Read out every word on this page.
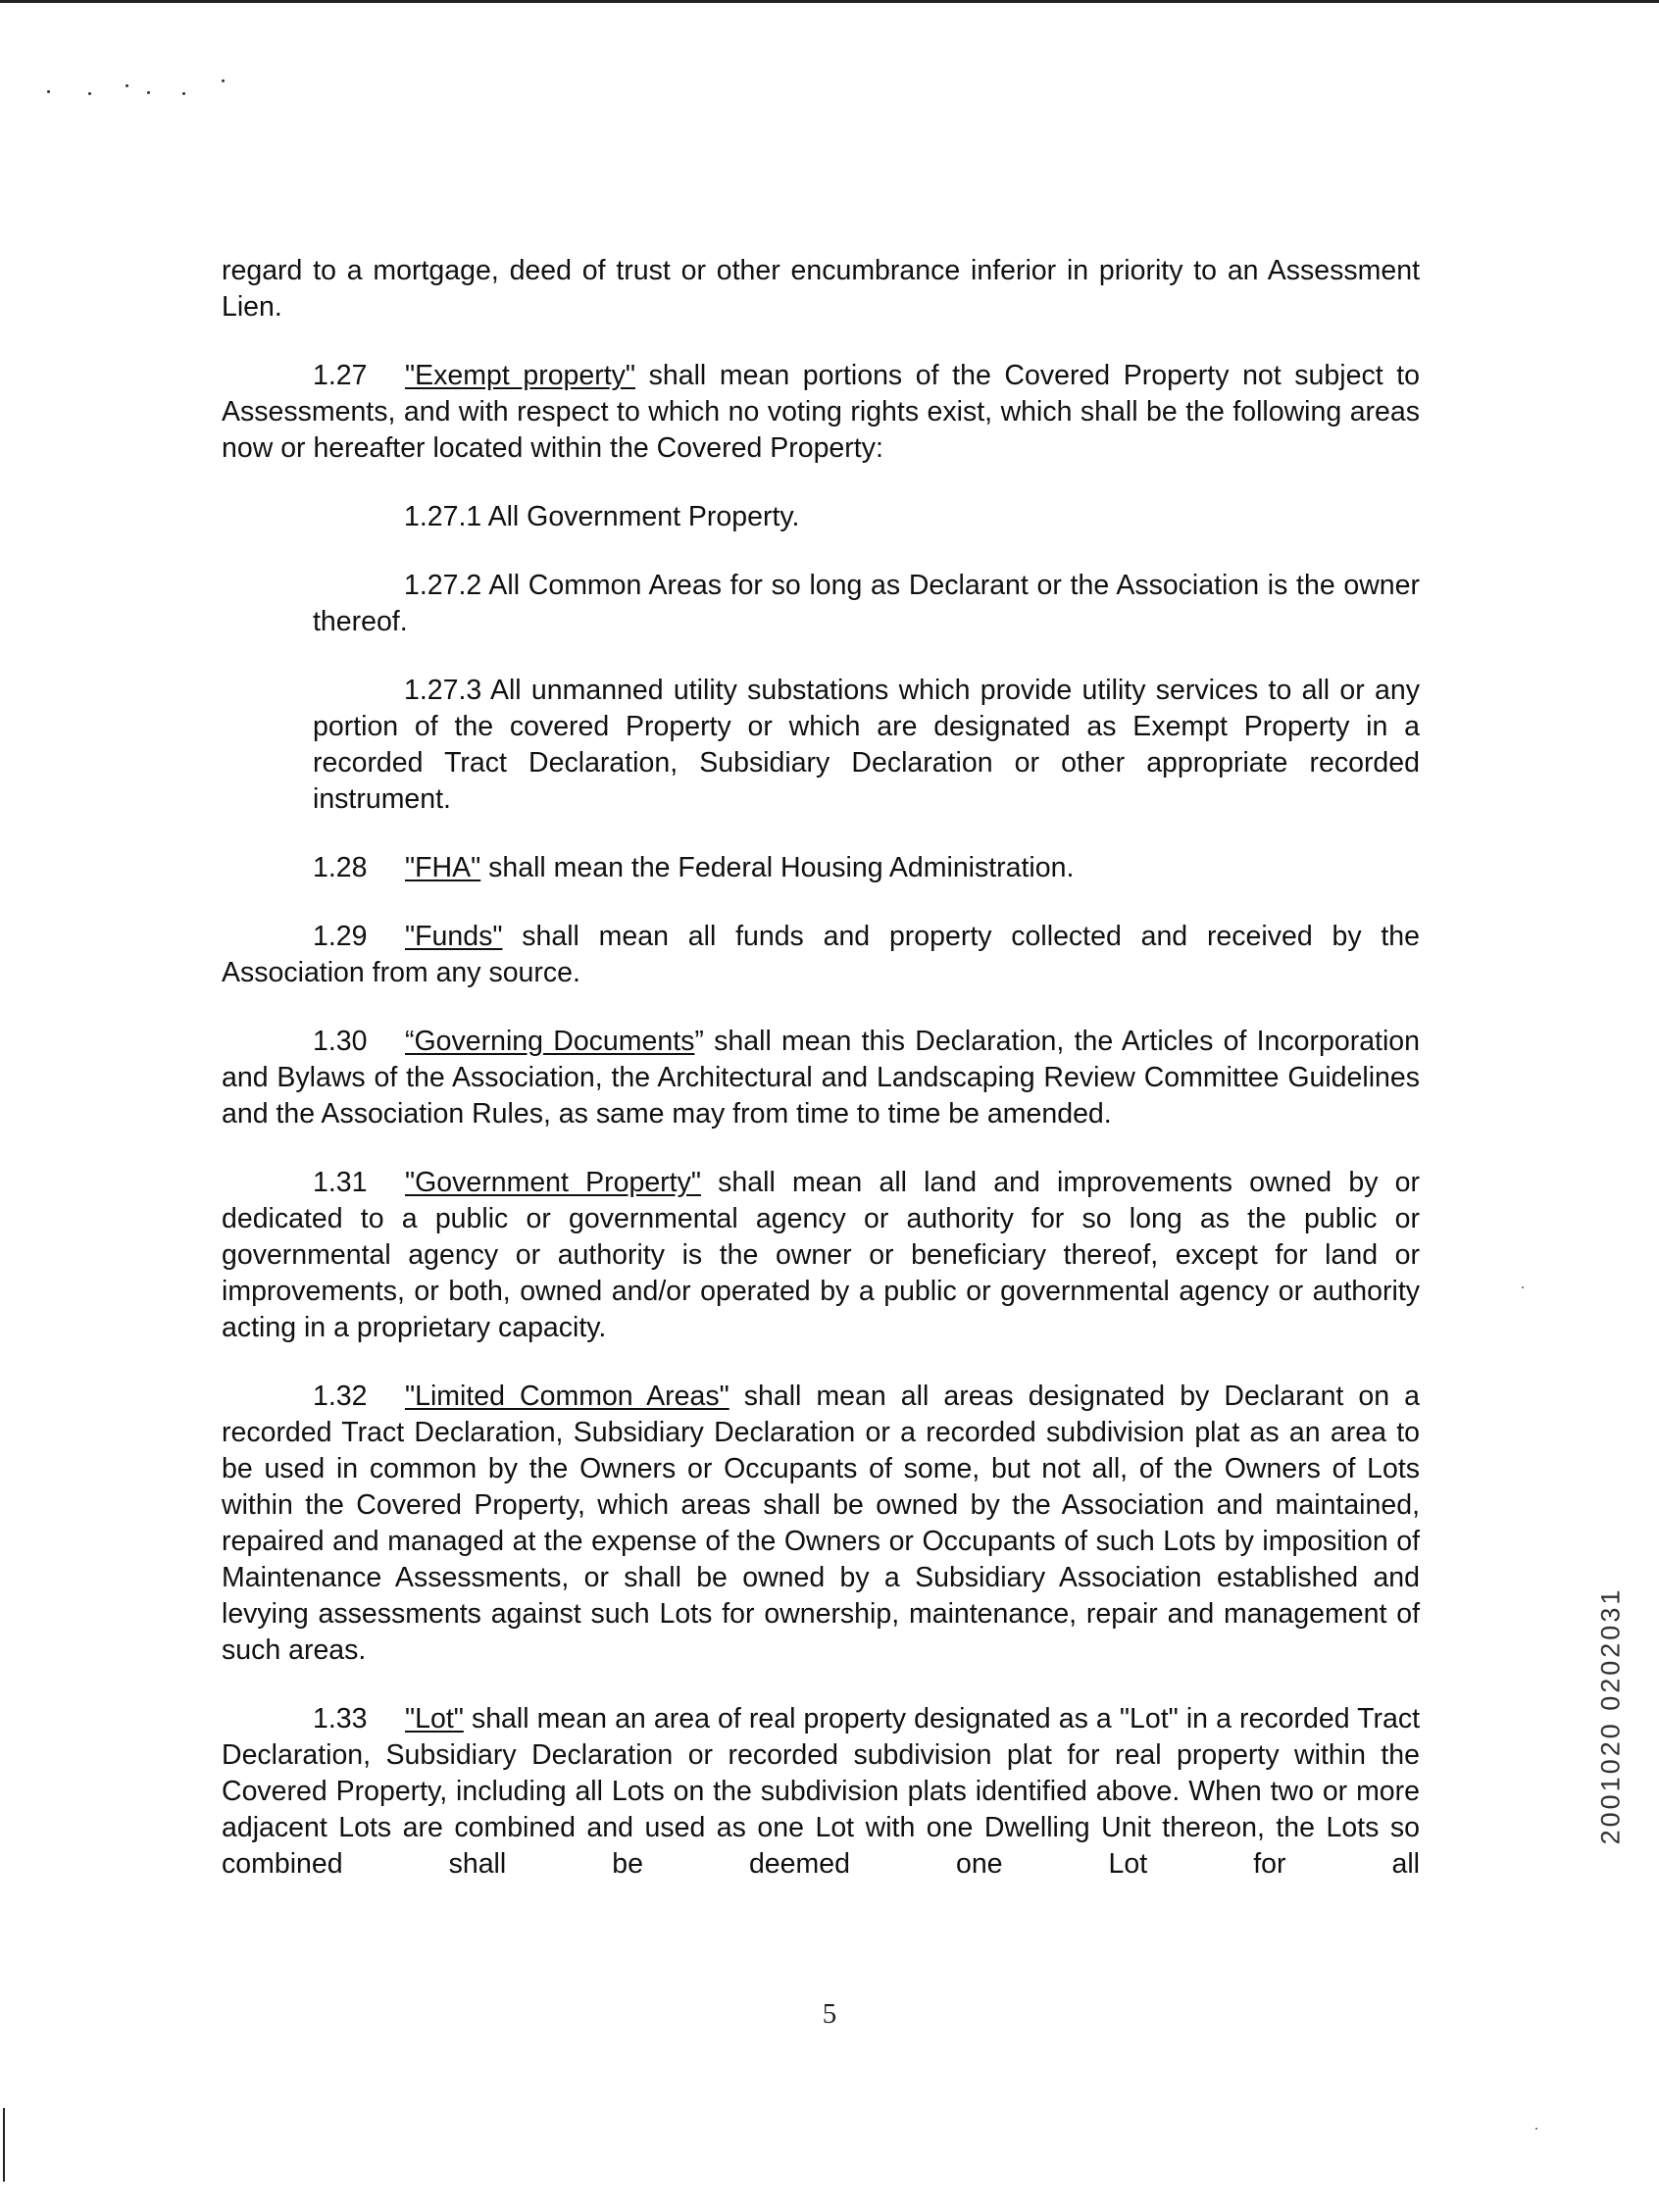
regard to a mortgage, deed of trust or other encumbrance inferior in priority to an Assessment Lien.

1.27 "Exempt property" shall mean portions of the Covered Property not subject to Assessments, and with respect to which no voting rights exist, which shall be the following areas now or hereafter located within the Covered Property:

1.27.1 All Government Property.

1.27.2 All Common Areas for so long as Declarant or the Association is the owner thereof.

1.27.3 All unmanned utility substations which provide utility services to all or any portion of the covered Property or which are designated as Exempt Property in a recorded Tract Declaration, Subsidiary Declaration or other appropriate recorded instrument.

1.28 "FHA" shall mean the Federal Housing Administration.

1.29 "Funds" shall mean all funds and property collected and received by the Association from any source.

1.30 “Governing Documents” shall mean this Declaration, the Articles of Incorporation and Bylaws of the Association, the Architectural and Landscaping Review Committee Guidelines and the Association Rules, as same may from time to time be amended.

1.31 "Government Property" shall mean all land and improvements owned by or dedicated to a public or governmental agency or authority for so long as the public or governmental agency or authority is the owner or beneficiary thereof, except for land or improvements, or both, owned and/or operated by a public or governmental agency or authority acting in a proprietary capacity.

1.32 "Limited Common Areas" shall mean all areas designated by Declarant on a recorded Tract Declaration, Subsidiary Declaration or a recorded subdivision plat as an area to be used in common by the Owners or Occupants of some, but not all, of the Owners of Lots within the Covered Property, which areas shall be owned by the Association and maintained, repaired and managed at the expense of the Owners or Occupants of such Lots by imposition of Maintenance Assessments, or shall be owned by a Subsidiary Association established and levying assessments against such Lots for ownership, maintenance, repair and management of such areas.

1.33 "Lot" shall mean an area of real property designated as a "Lot" in a recorded Tract Declaration, Subsidiary Declaration or recorded subdivision plat for real property within the Covered Property, including all Lots on the subdivision plats identified above. When two or more adjacent Lots are combined and used as one Lot with one Dwelling Unit thereon, the Lots so combined shall be deemed one Lot for all

5
2001020 0202031
